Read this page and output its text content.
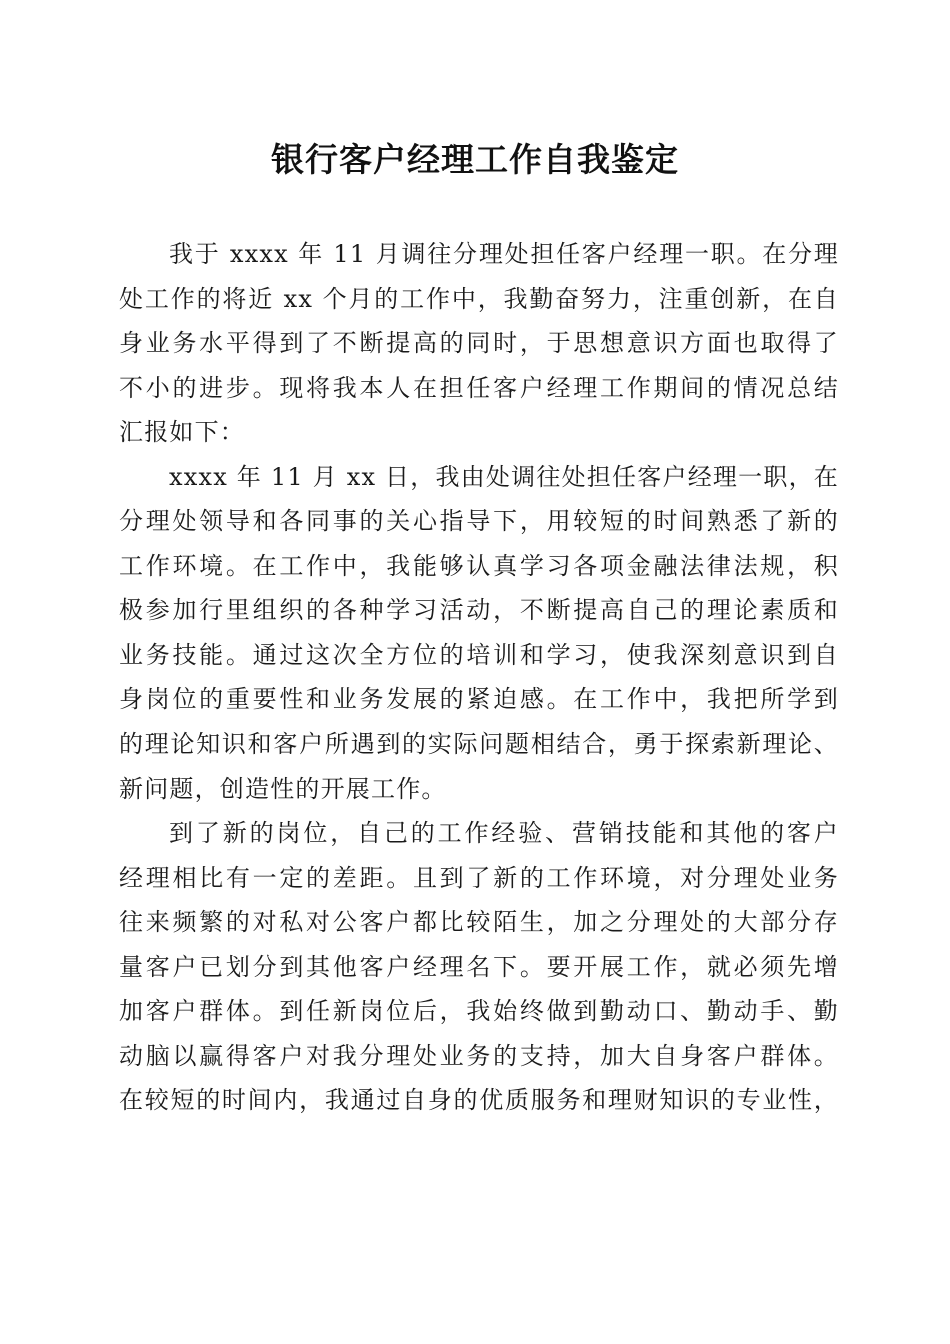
银行客户经理工作自我鉴定
我于 xxxx 年 11 月调往分理处担任客户经理一职。在分理
处工作的将近 xx 个月的工作中，我勤奋努力，注重创新，在自
身业务水平得到了不断提高的同时，于思想意识方面也取得了
不小的进步。现将我本人在担任客户经理工作期间的情况总结
汇报如下：
xxxx 年 11 月 xx 日，我由处调往处担任客户经理一职，在
分理处领导和各同事的关心指导下，用较短的时间熟悉了新的
工作环境。在工作中，我能够认真学习各项金融法律法规，积
极参加行里组织的各种学习活动，不断提高自己的理论素质和
业务技能。通过这次全方位的培训和学习，使我深刻意识到自
身岗位的重要性和业务发展的紧迫感。在工作中，我把所学到
的理论知识和客户所遇到的实际问题相结合，勇于探索新理论、
新问题，创造性的开展工作。
到了新的岗位，自己的工作经验、营销技能和其他的客户
经理相比有一定的差距。且到了新的工作环境，对分理处业务
往来频繁的对私对公客户都比较陌生，加之分理处的大部分存
量客户已划分到其他客户经理名下。要开展工作，就必须先增
加客户群体。到任新岗位后，我始终做到勤动口、勤动手、勤
动脑以赢得客户对我分理处业务的支持，加大自身客户群体。
在较短的时间内，我通过自身的优质服务和理财知识的专业性，
